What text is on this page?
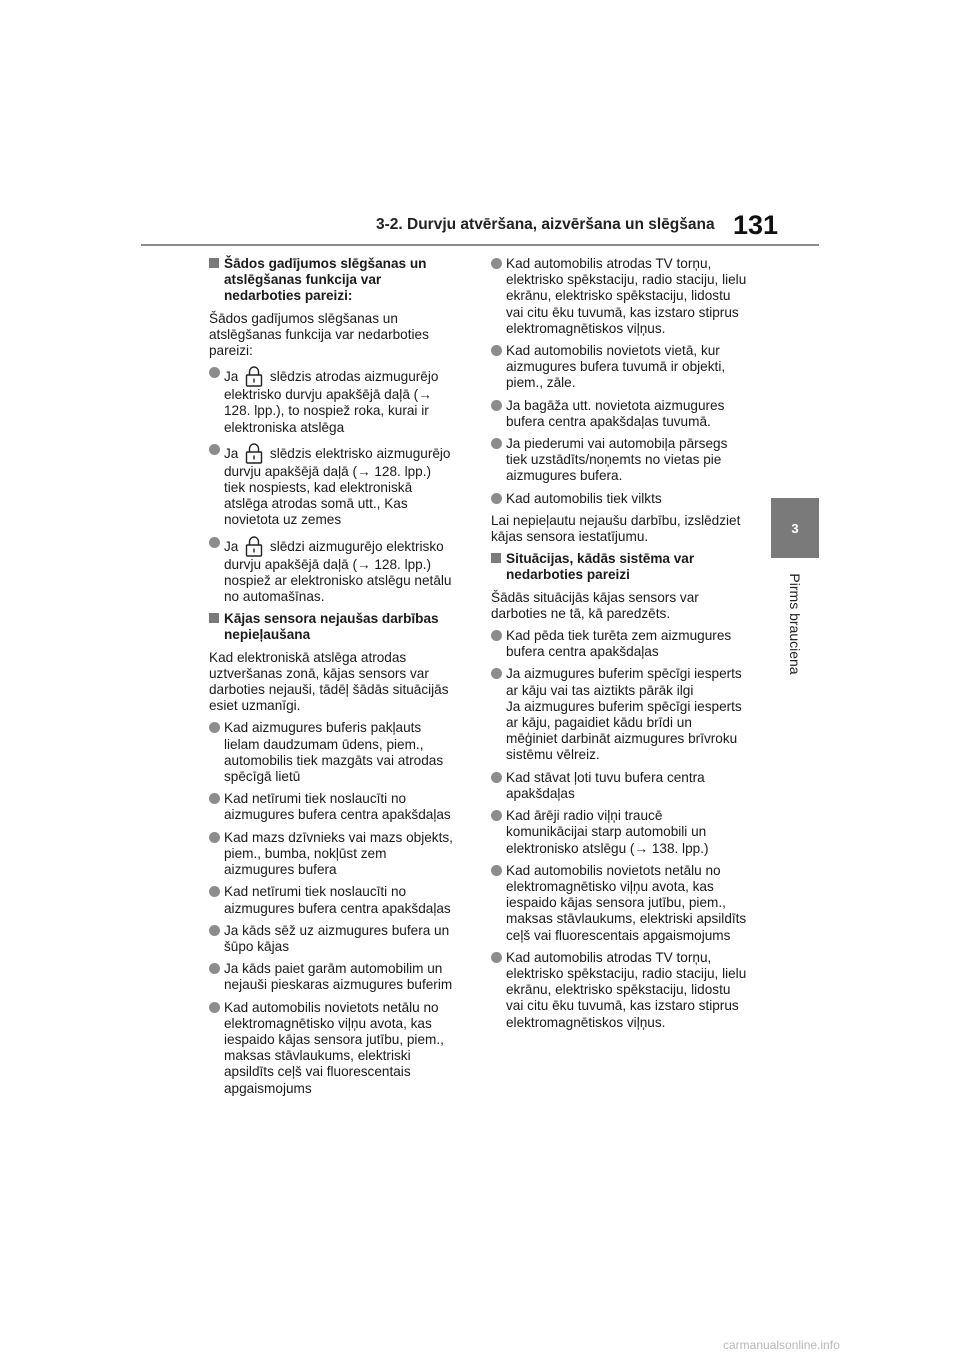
3-2. Durvju atvēršana, aizvēršana un slēgšana 131
3
Pirms brauciena
Šādos gadījumos slēgšanas un atslēgšanas funkcija var nedarboties pareizi:

Šādos gadījumos slēgšanas un atslēgšanas funkcija var nedarboties pareizi:

Ja slēdzis atrodas aizmugurējo elektrisko durvju apakšējā daļā (→ 128. lpp.), to nospiež roka, kurai ir elektroniska atslēga
Ja slēdzis elektrisko aizmugurējo durvju apakšējā daļā (→ 128. lpp.) tiek nospiests, kad elektroniskā atslēga atrodas somā utt., Kas novietota uz zemes
Ja slēdzi aizmugurējo elektrisko durvju apakšējā daļā (→ 128. lpp.) nospiež ar elektronisko atslēgu netālu no automašīnas.
Kājas sensora nejaušas darbības nepieļaušana

Kad elektroniskā atslēga atrodas uztveršanas zonā, kājas sensors var darboties nejauši, tādēļ šādās situācijās esiet uzmanīgi.

Kad aizmugures buferis pakļauts lielam daudzumam ūdens, piem., automobilis tiek mazgāts vai atrodas spēcīgā lietū
Kad netīrumi tiek noslaucīti no aizmugures bufera centra apakšdaļas
Kad mazs dzīvnieks vai mazs objekts, piem., bumba, nokļūst zem aizmugures bufera
Kad netīrumi tiek noslaucīti no aizmugures bufera centra apakšdaļas
Ja kāds sēž uz aizmugures bufera un šūpo kājas
Ja kāds paiet garām automobilim un nejauši pieskaras aizmugures buferim
Kad automobilis novietots netālu no elektromagnētisko viļņu avota, kas iespaido kājas sensora jutību, piem., maksas stāvlaukums, elektriski apsildīts ceļš vai fluorescentais apgaismojums
Kad automobilis atrodas TV torņu, elektrisko spēkstaciju, radio staciju, lielu ekrānu, elektrisko spēkstaciju, lidostu vai citu ēku tuvumā, kas izstaro stiprus elektromagnētiskos viļņus.
Kad automobilis novietots vietā, kur aizmugures bufera tuvumā ir objekti, piem., zāle.
Ja bagāža utt. novietota aizmugures bufera centra apakšdaļas tuvumā.
Ja piederumi vai automobiļa pārsegs tiek uzstādīts/noņemts no vietas pie aizmugures bufera.
Kad automobilis tiek vilkts

Lai nepieļautu nejaušu darbību, izslēdziet kājas sensora iestatījumu.

Situācijas, kādās sistēma var nedarboties pareizi

Šādās situācijās kājas sensors var darboties ne tā, kā paredzēts.

Kad pēda tiek turēta zem aizmugures bufera centra apakšdaļas
Ja aizmugures buferim spēcīgi iesperts ar kāju vai tas aiztikts pārāk ilgi
Ja aizmugures buferim spēcīgi iesperts ar kāju, pagaidiet kādu brīdi un mēģiniet darbināt aizmugures brīvroku sistēmu vēlreiz.
Kad stāvat ļoti tuvu bufera centra apakšdaļas
Kad ārēji radio viļņi traucē komunikācijai starp automobili un elektronisko atslēgu (→ 138. lpp.)
Kad automobilis novietots netālu no elektromagnētisko viļņu avota, kas iespaido kājas sensora jutību, piem., maksas stāvlaukums, elektriski apsildīts ceļš vai fluorescentais apgaismojums
Kad automobilis atrodas TV torņu, elektrisko spēkstaciju, radio staciju, lielu ekrānu, elektrisko spēkstaciju, lidostu vai citu ēku tuvumā, kas izstaro stiprus elektromagnētiskos viļņus.
carmanualsonline.info
